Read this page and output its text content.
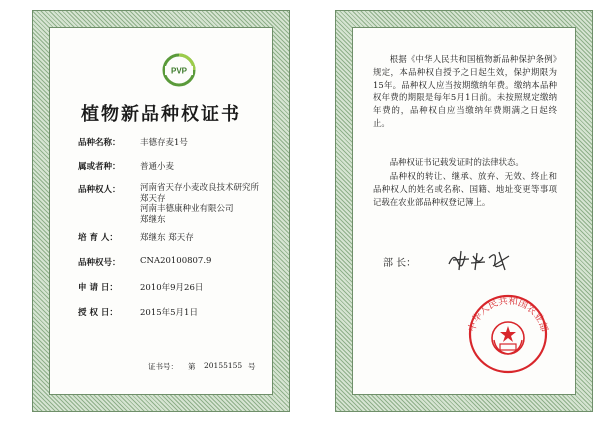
PVP
植物新品种权证书
品种名称： 丰德存麦1号
属或者种： 普通小麦
品种权人： 河南省天存小麦改良技术研究所
郑天存
河南丰德康种业有限公司
郑继东
培 育 人：	郑继东 郑天存
品种权号： CNA20100807.9
申 请 日：	2010年9月26日
授 权 日：	2015年5月1日
证书号： 第 20155155 号
根据《中华人民共和国植物新品种保护条例》规定，本品种权自授予之日起生效，保护期限为15年。品种权人应当按期缴纳年费。缴纳本品种权年费的期限是每年5月1日前。未按照规定缴纳年费的，品种权自应当缴纳年费期满之日起终止。
品种权证书记载发证时的法律状态。
品种权的转让、继承、放弃、无效、终止和品种权人的姓名或名称、国籍、地址变更等事项记载在农业部品种权登记簿上。
部 长：
中华人民共和国农业部
